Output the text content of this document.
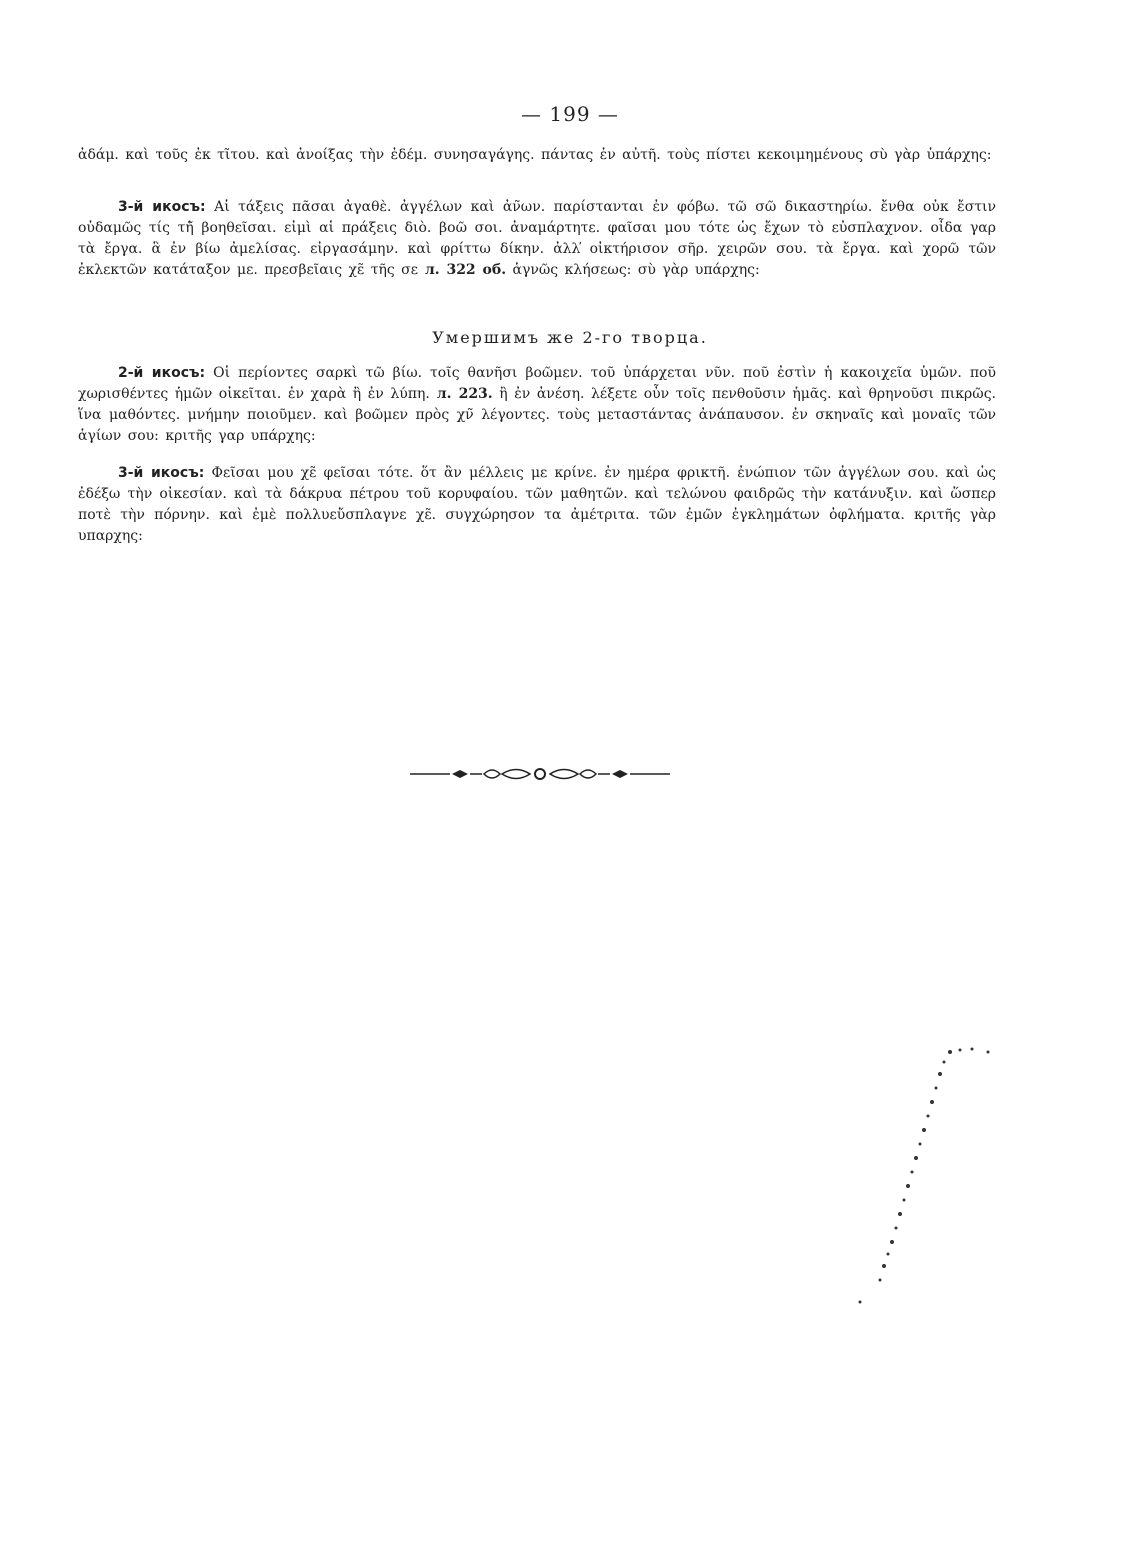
— 199 —

ἀδάμ. καὶ τοῦς ἐκ τι̃του. καὶ ἀνοίξας τὴν ἐδέμ. συνησαγάγης. πάντας ἐν αὐτῆ. τοὺς πίστει κεκοιμημένους σὺ γὰρ ὑπάρχης:

3-й икосъ: Αἱ τάξεις πᾶσαι ἀγαθὲ. ἀγγέλων καὶ ἀν̃ων. παρίστανται ἐν φόβω. τῶ σῶ δικαστηρίω. ἔνθα οὐκ ἔστιν οὐδαμῶς τίς τἠ̃ βοηθεῖσαι. εἰμὶ αἱ πράξεις διὸ. βοῶ σοι. ἀναμάρτητε. φαῖσαι μου τότε ὡς ἔχων τὸ εὐσπλαχνον. οἶδα γαρ τὰ ἔργα. ἃ ἐν βίω ἀμελίσας. εἰργασάμην. καὶ φρίττω δίκην. ἀλλ̕ οἰκτήρισον σῆρ. χειρῶν σου. τὰ ἔργα. καὶ χορῶ τῶν ἐκλεκτῶν κατάταξον με. πρεσβεῖαις χε̃ τῆς σε л. 322 об. ἁγνῶς κλήσεως: σὺ γὰρ υπάρχης:

Умершимъ же 2-го творца.

2-й икосъ: Οἱ περίοντες σαρκὶ τῶ βίω. τοῖς θανῆσι βοῶμεν. τοῦ ὑπάρχεται νῦν. ποῦ ἐστὶν ἡ κακοιχεῖα ὑμῶν. ποῦ χωρισθέντες ἡμῶν οἰκεῖται. ἐν χαρὰ ἢ ἐν λύπη. л. 223. ἢ ἐν ἀνέση. λέξετε οὖν τοῖς πενθοῦσιν ἡμᾶς. καὶ θρηνοῦσι πικρῶς. ἵνα μαθόντες. μνήμην ποιοῦμεν. καὶ βοῶμεν πρὸς χν̃ λέγοντες. τοὺς μεταστάντας ἀνάπαυσον. ἐν σκηναῖς καὶ μοναῖς τῶν ἁγίων σου: κριτῆς γαρ υπάρχης:

3-й икосъ: Φεῖσαι μου χε̃ φεῖσαι τότε. ὅτ ἂν μέλλεις με κρίνε. ἐν ημέρα φρικτῆ. ἐνώπιον τῶν ἀγγέλων σου. καὶ ὡς ἐδέξω τὴν οἰκεσίαν. καὶ τὰ δάκρυα πέτρου τοῦ κορυφαίου. τῶν μαθητῶν. καὶ τελώνου φαιδρῶς τὴν κατάνυξιν. καὶ ὥσπερ ποτὲ τὴν πόρνην. καὶ ἐμὲ πολλυεὔσπλαγνε χε̃. συγχώρησον τα ἀμέτριτα. τῶν ἐμῶν ἐγκλημάτων ὀφλήματα. κριτῆς γὰρ υπαρχης:
